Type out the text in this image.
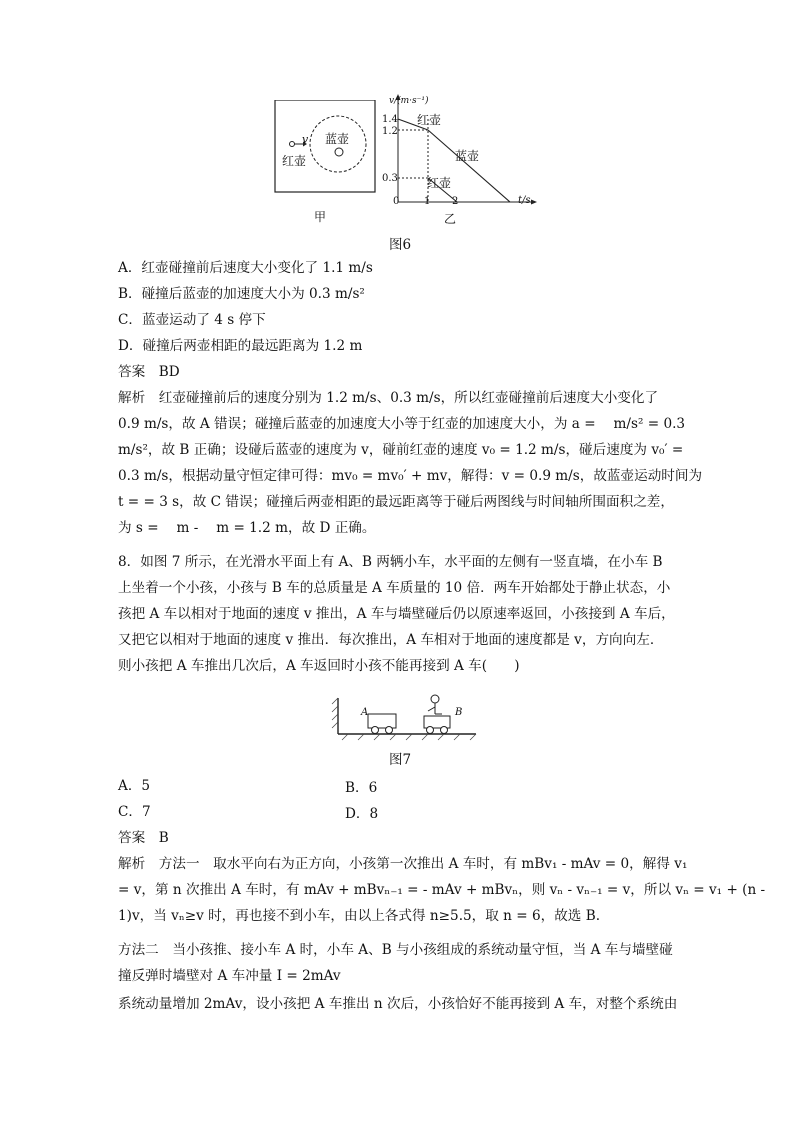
蓝壶
v
红壶
甲
v/(m·s⁻¹)
1.4
1.2
0.3
0 1 2	t/s
红壶
蓝壶
红壶
乙
图6
A．红壶碰撞前后速度大小变化了 1.1 m/s
B．碰撞后蓝壶的加速度大小为 0.3 m/s²
C．蓝壶运动了 4 s 停下
D．碰撞后两壶相距的最远距离为 1.2 m
答案　BD
解析　红壶碰撞前后的速度分别为 1.2 m/s、0.3 m/s，所以红壶碰撞前后速度大小变化了
0.9 m/s，故 A 错误；碰撞后蓝壶的加速度大小等于红壶的加速度大小，为 a = 　m/s² = 0.3
m/s²，故 B 正确；设碰后蓝壶的速度为 v，碰前红壶的速度 v₀ = 1.2 m/s，碰后速度为 v₀′ =
0.3 m/s，根据动量守恒定律可得：mv₀ = mv₀′ + mv，解得：v = 0.9 m/s，故蓝壶运动时间为
t = = 3 s，故 C 错误；碰撞后两壶相距的最远距离等于碰后两图线与时间轴所围面积之差，
为 s = 　m - 　m = 1.2 m，故 D 正确。
8．如图 7 所示，在光滑水平面上有 A、B 两辆小车，水平面的左侧有一竖直墙，在小车 B
上坐着一个小孩，小孩与 B 车的总质量是 A 车质量的 10 倍．两车开始都处于静止状态，小
孩把 A 车以相对于地面的速度 v 推出，A 车与墙壁碰后仍以原速率返回，小孩接到 A 车后，
又把它以相对于地面的速度 v 推出．每次推出，A 车相对于地面的速度都是 v，方向向左．
则小孩把 A 车推出几次后，A 车返回时小孩不能再接到 A 车(　　)
A	B
图7
A．5	B．6
C．7	D．8
答案　B
解析　方法一　取水平向右为正方向，小孩第一次推出 A 车时，有 mBv₁ - mAv = 0，解得 v₁
= v，第 n 次推出 A 车时，有 mAv + mBvₙ₋₁ = - mAv + mBvₙ，则 vₙ - vₙ₋₁ = v，所以 vₙ = v₁ + (n -
1)v，当 vₙ≥v 时，再也接不到小车，由以上各式得 n≥5.5，取 n = 6，故选 B.
方法二　当小孩推、接小车 A 时，小车 A、B 与小孩组成的系统动量守恒，当 A 车与墙壁碰
撞反弹时墙壁对 A 车冲量 I = 2mAv
系统动量增加 2mAv，设小孩把 A 车推出 n 次后，小孩恰好不能再接到 A 车，对整个系统由
